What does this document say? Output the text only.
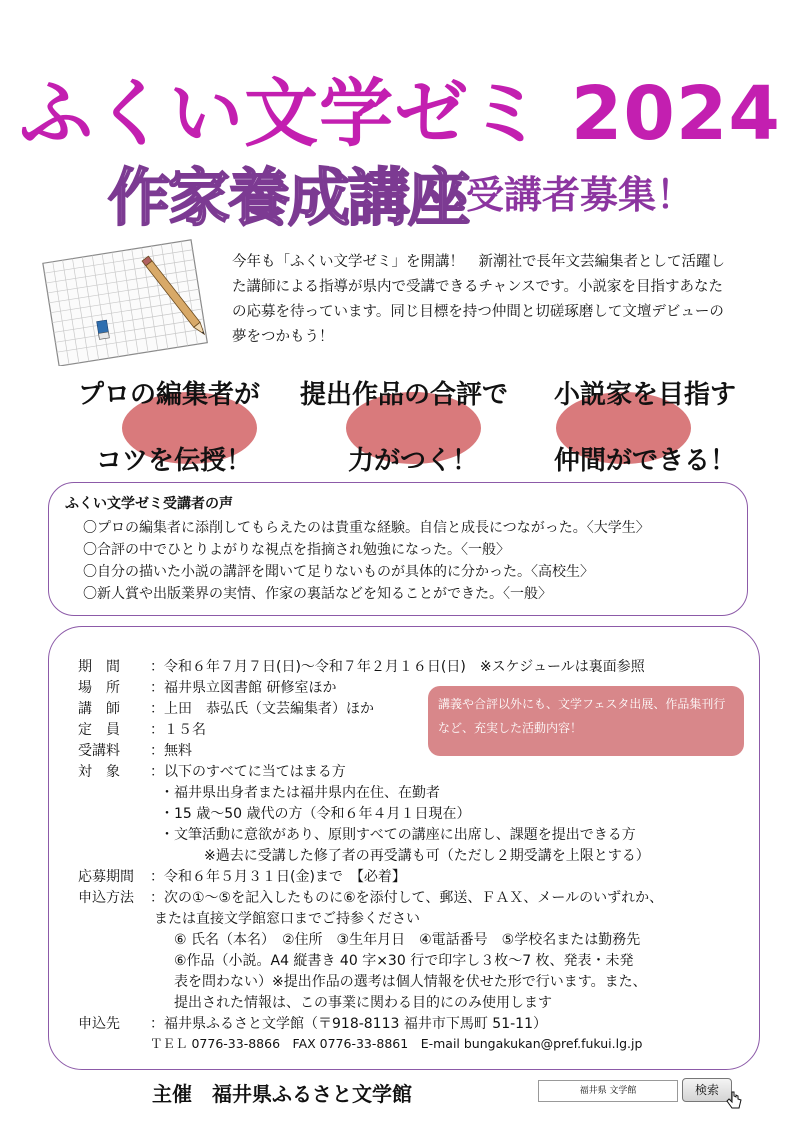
ふくい文学ゼミ 2024
作家養成講座
受講者募集！
今年も「ふくい文学ゼミ」を開講！　新潮社で長年文芸編集者として活躍した講師による指導が県内で受講できるチャンスです。小説家を目指すあなたの応募を待っています。同じ目標を持つ仲間と切磋琢磨して文壇デビューの夢をつかもう！
プロの編集者が
コツを伝授！
提出作品の合評で
力がつく！
小説家を目指す
仲間ができる！
ふくい文学ゼミ受講者の声
〇プロの編集者に添削してもらえたのは貴重な経験。自信と成長につながった。〈大学生〉
〇合評の中でひとりよがりな視点を指摘され勉強になった。〈一般〉
〇自分の描いた小説の講評を聞いて足りないものが具体的に分かった。〈高校生〉
〇新人賞や出版業界の実情、作家の裏話などを知ることができた。〈一般〉
期　間 ：令和６年７月７日(日)～令和７年２月１６日(日)　※スケジュールは裏面参照
場　所 ：福井県立図書館 研修室ほか
講　師 ：上田　恭弘氏（文芸編集者）ほか
定　員 ：１５名
受講料 ：無料
対　象 ：以下のすべてに当てはまる方
・福井県出身者または福井県内在住、在勤者
・15 歳～50 歳代の方（令和６年４月１日現在）
・文筆活動に意欲があり、原則すべての講座に出席し、課題を提出できる方
※過去に受講した修了者の再受講も可（ただし２期受講を上限とする）
応募期間 ：令和６年５月３１日(金)まで　【必着】
申込方法 ：次の①～⑤を記入したものに⑥を添付して、郵送、ＦＡＸ、メールのいずれか、
または直接文学館窓口までご持参ください
⑥ 氏名（本名）　②住所　③生年月日　④電話番号　⑤学校名または勤務先
⑥作品（小説。A4 縦書き 40 字×30 行で印字し３枚～7 枚、発表・未発
表を問わない）※提出作品の選考は個人情報を伏せた形で行います。また、
提出された情報は、この事業に関わる目的にのみ使用します
申込先 ：福井県ふるさと文学館（〒918-8113 福井市下馬町 51-11）
ＴＥＬ 0776-33-8866　FAX 0776-33-8861　E-mail bungakukan@pref.fukui.lg.jp
講義や合評以外にも、文学フェスタ出展、作品集刊行など、充実した活動内容！
主催　福井県ふるさと文学館	福井県 文学館	検索
